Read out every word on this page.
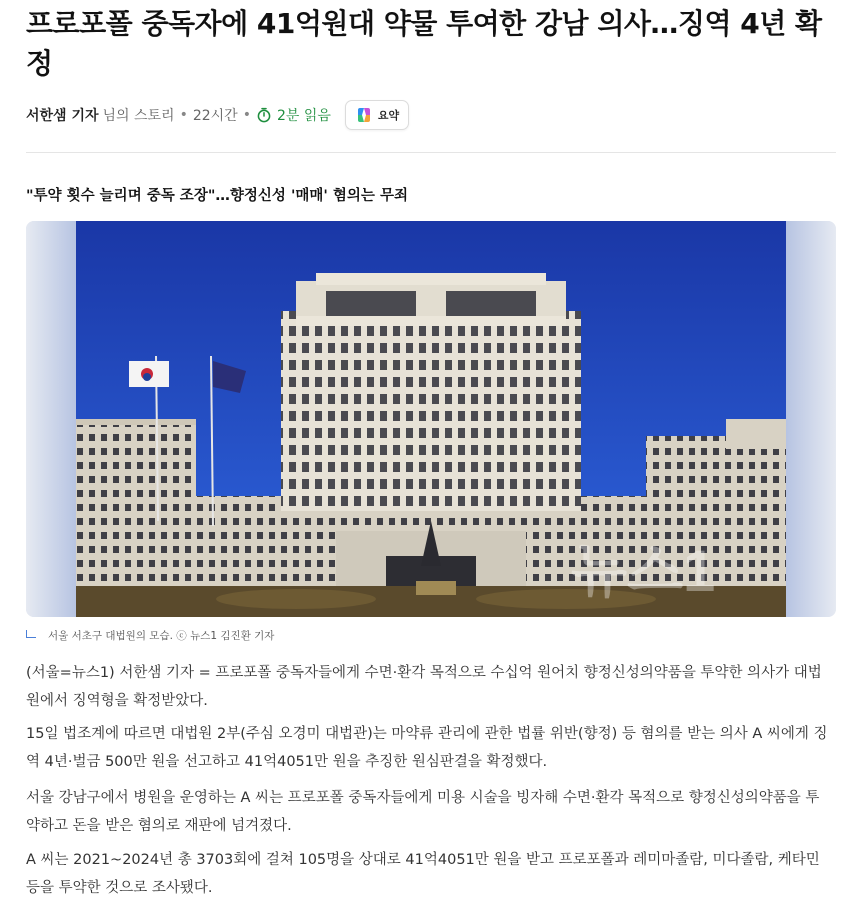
프로포폴 중독자에 41억원대 약물 투여한 강남 의사…징역 4년 확정
서한샘 기자 님의 스토리 • 22시간 • 2분 읽음	요약
"투약 횟수 늘리며 중독 조장"…향정신성 '매매' 혐의는 무죄
뉴스1
서울 서초구 대법원의 모습. ⓒ 뉴스1 김진환 기자

(서울=뉴스1) 서한샘 기자 = 프로포폴 중독자들에게 수면·환각 목적으로 수십억 원어치 향정신성의약품을 투약한 의사가 대법원에서 징역형을 확정받았다.

15일 법조계에 따르면 대법원 2부(주심 오경미 대법관)는 마약류 관리에 관한 법률 위반(향정) 등 혐의를 받는 의사 A 씨에게 징역 4년·벌금 500만 원을 선고하고 41억4051만 원을 추징한 원심판결을 확정했다.

서울 강남구에서 병원을 운영하는 A 씨는 프로포폴 중독자들에게 미용 시술을 빙자해 수면·환각 목적으로 향정신성의약품을 투약하고 돈을 받은 혐의로 재판에 넘겨졌다.

A 씨는 2021~2024년 총 3703회에 걸쳐 105명을 상대로 41억4051만 원을 받고 프로포폴과 레미마졸람, 미다졸람, 케타민 등을 투약한 것으로 조사됐다.
